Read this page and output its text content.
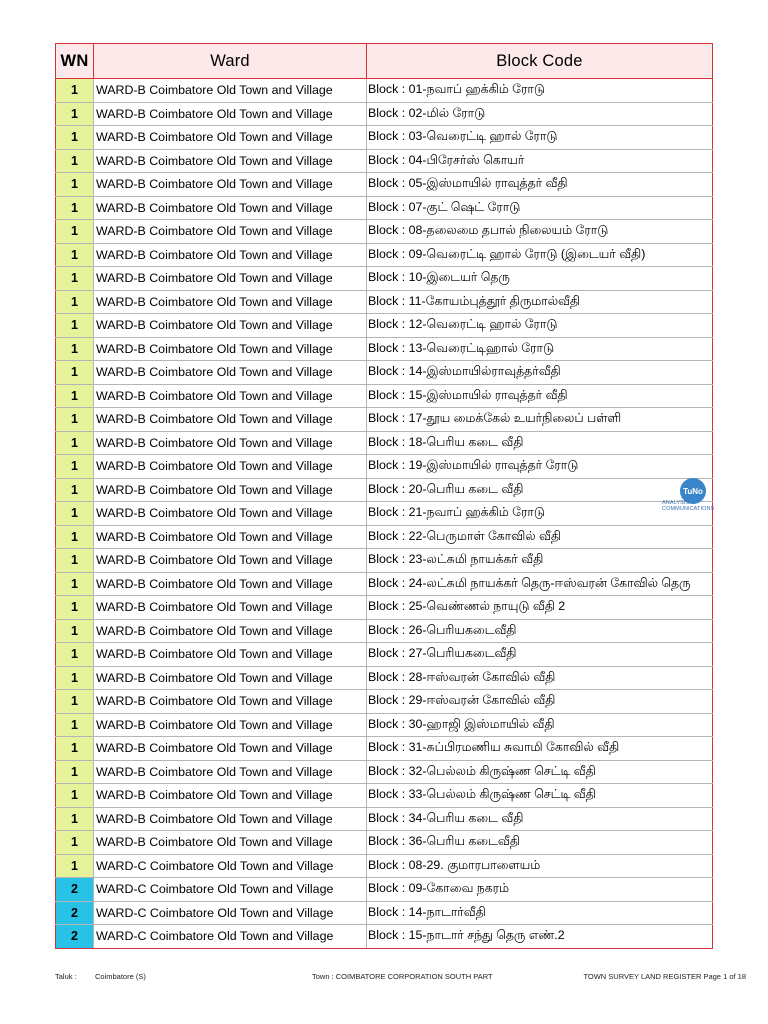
WN	Ward	Block Code
1	WARD-B Coimbatore Old Town and Village	Block : 01-நவாப் ஹக்கிம் ரோடு
1	WARD-B Coimbatore Old Town and Village	Block : 02-மில் ரோடு
1	WARD-B Coimbatore Old Town and Village	Block : 03-வெரைட்டி ஹால் ரோடு
1	WARD-B Coimbatore Old Town and Village	Block : 04-பிரேசர்ஸ் கொயர்
1	WARD-B Coimbatore Old Town and Village	Block : 05-இஸ்மாயில் ராவுத்தர் வீதி
1	WARD-B Coimbatore Old Town and Village	Block : 07-குட் ஷெட் ரோடு
1	WARD-B Coimbatore Old Town and Village	Block : 08-தலைமை தபால் நிலையம் ரோடு
1	WARD-B Coimbatore Old Town and Village	Block : 09-வெரைட்டி ஹால் ரோடு (இடையர் வீதி)
1	WARD-B Coimbatore Old Town and Village	Block : 10-இடையர் தெரு
1	WARD-B Coimbatore Old Town and Village	Block : 11-கோயம்புத்தூர் திருமால்வீதி
1	WARD-B Coimbatore Old Town and Village	Block : 12-வெரைட்டி ஹால் ரோடு
1	WARD-B Coimbatore Old Town and Village	Block : 13-வெரைட்டிஹால் ரோடு
1	WARD-B Coimbatore Old Town and Village	Block : 14-இஸ்மாயில்ராவுத்தர்வீதி
1	WARD-B Coimbatore Old Town and Village	Block : 15-இஸ்மாயில் ராவுத்தர் வீதி
1	WARD-B Coimbatore Old Town and Village	Block : 17-தூய மைக்கேல் உயர்நிலைப் பள்ளி
1	WARD-B Coimbatore Old Town and Village	Block : 18-பெரிய கடை வீதி
1	WARD-B Coimbatore Old Town and Village	Block : 19-இஸ்மாயில் ராவுத்தர் ரோடு
1	WARD-B Coimbatore Old Town and Village	Block : 20-பெரிய கடை வீதி
1	WARD-B Coimbatore Old Town and Village	Block : 21-நவாப் ஹக்கிம் ரோடு
1	WARD-B Coimbatore Old Town and Village	Block : 22-பெருமாள் கோவில் வீதி
1	WARD-B Coimbatore Old Town and Village	Block : 23-லட்சுமி நாயக்கர் வீதி
1	WARD-B Coimbatore Old Town and Village	Block : 24-லட்சுமி நாயக்கர் தெரு-ஈஸ்வரன் கோவில் தெரு
1	WARD-B Coimbatore Old Town and Village	Block : 25-வெண்ணல் நாயுடு வீதி 2
1	WARD-B Coimbatore Old Town and Village	Block : 26-பெரியகடைவீதி
1	WARD-B Coimbatore Old Town and Village	Block : 27-பெரியகடைவீதி
1	WARD-B Coimbatore Old Town and Village	Block : 28-ஈஸ்வரன் கோவில் வீதி
1	WARD-B Coimbatore Old Town and Village	Block : 29-ஈஸ்வரன் கோவில் வீதி
1	WARD-B Coimbatore Old Town and Village	Block : 30-ஹாஜி இஸ்மாயில் வீதி
1	WARD-B Coimbatore Old Town and Village	Block : 31-சுப்பிரமணிய சுவாமி கோவில் வீதி
1	WARD-B Coimbatore Old Town and Village	Block : 32-பெல்லம் கிருஷ்ண செட்டி வீதி
1	WARD-B Coimbatore Old Town and Village	Block : 33-பெல்லம் கிருஷ்ண செட்டி வீதி
1	WARD-B Coimbatore Old Town and Village	Block : 34-பெரிய கடை வீதி
1	WARD-B Coimbatore Old Town and Village	Block : 36-பெரிய கடைவீதி
1	WARD-C Coimbatore Old Town and Village	Block : 08-29. குமாரபாளையம்
2	WARD-C Coimbatore Old Town and Village	Block : 09-கோவை நகரம்
2	WARD-C Coimbatore Old Town and Village	Block : 14-நாடார்வீதி
2	WARD-C Coimbatore Old Town and Village	Block : 15-நாடார் சந்து தெரு எண்.2
TuNo
ANALYSIS
COMMUNICATIONS
Taluk : Coimbatore (S)	Town : COIMBATORE CORPORATION SOUTH PART	TOWN SURVEY LAND REGISTER Page 1 of 18
